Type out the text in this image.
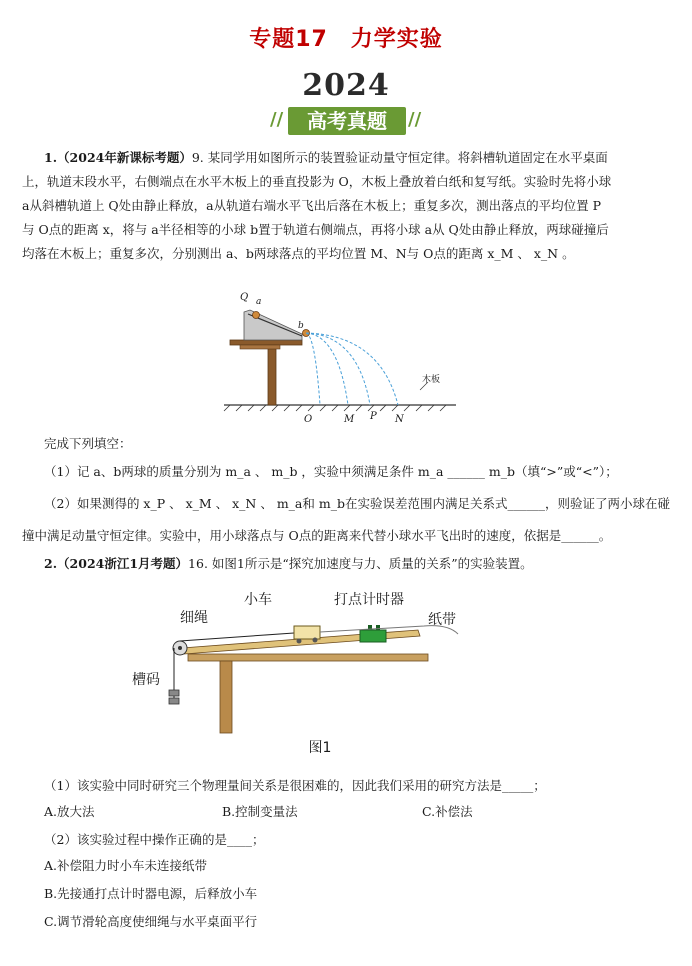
专题17　力学实验
2024
//	高考真题	//
1.（2024年新课标考题）9. 某同学用如图所示的装置验证动量守恒定律。将斜槽轨道固定在水平桌面
上，轨道末段水平，右侧端点在水平木板上的垂直投影为 O，木板上叠放着白纸和复写纸。实验时先将小球
a从斜槽轨道上 Q处由静止释放，a从轨道右端水平飞出后落在木板上；重复多次，测出落点的平均位置 P
与 O点的距离 x，将与 a半径相等的小球 b置于轨道右侧端点，再将小球 a从 Q处由静止释放，两球碰撞后
均落在木板上；重复多次，分别测出 a、b两球落点的平均位置 M、N与 O点的距离 x_M 、 x_N 。
Q a
b
O	M P N
木板
完成下列填空：
（1）记 a、b两球的质量分别为 m_a 、 m_b ，实验中须满足条件 m_a ______ m_b（填“>”或“<”）；
（2）如果测得的 x_P 、 x_M 、 x_N 、 m_a和 m_b在实验误差范围内满足关系式______，则验证了两小球在碰
撞中满足动量守恒定律。实验中，用小球落点与 O点的距离来代替小球水平飞出时的速度，依据是______。
2.（2024浙江1月考题）16. 如图1所示是“探究加速度与力、质量的关系”的实验装置。
小车	打点计时器
细绳	纸带
槽码
图1
（1）该实验中同时研究三个物理量间关系是很困难的，因此我们采用的研究方法是_____；
A.放大法	B.控制变量法	C.补偿法
（2）该实验过程中操作正确的是____；
A.补偿阻力时小车未连接纸带
B.先接通打点计时器电源，后释放小车
C.调节滑轮高度使细绳与水平桌面平行
